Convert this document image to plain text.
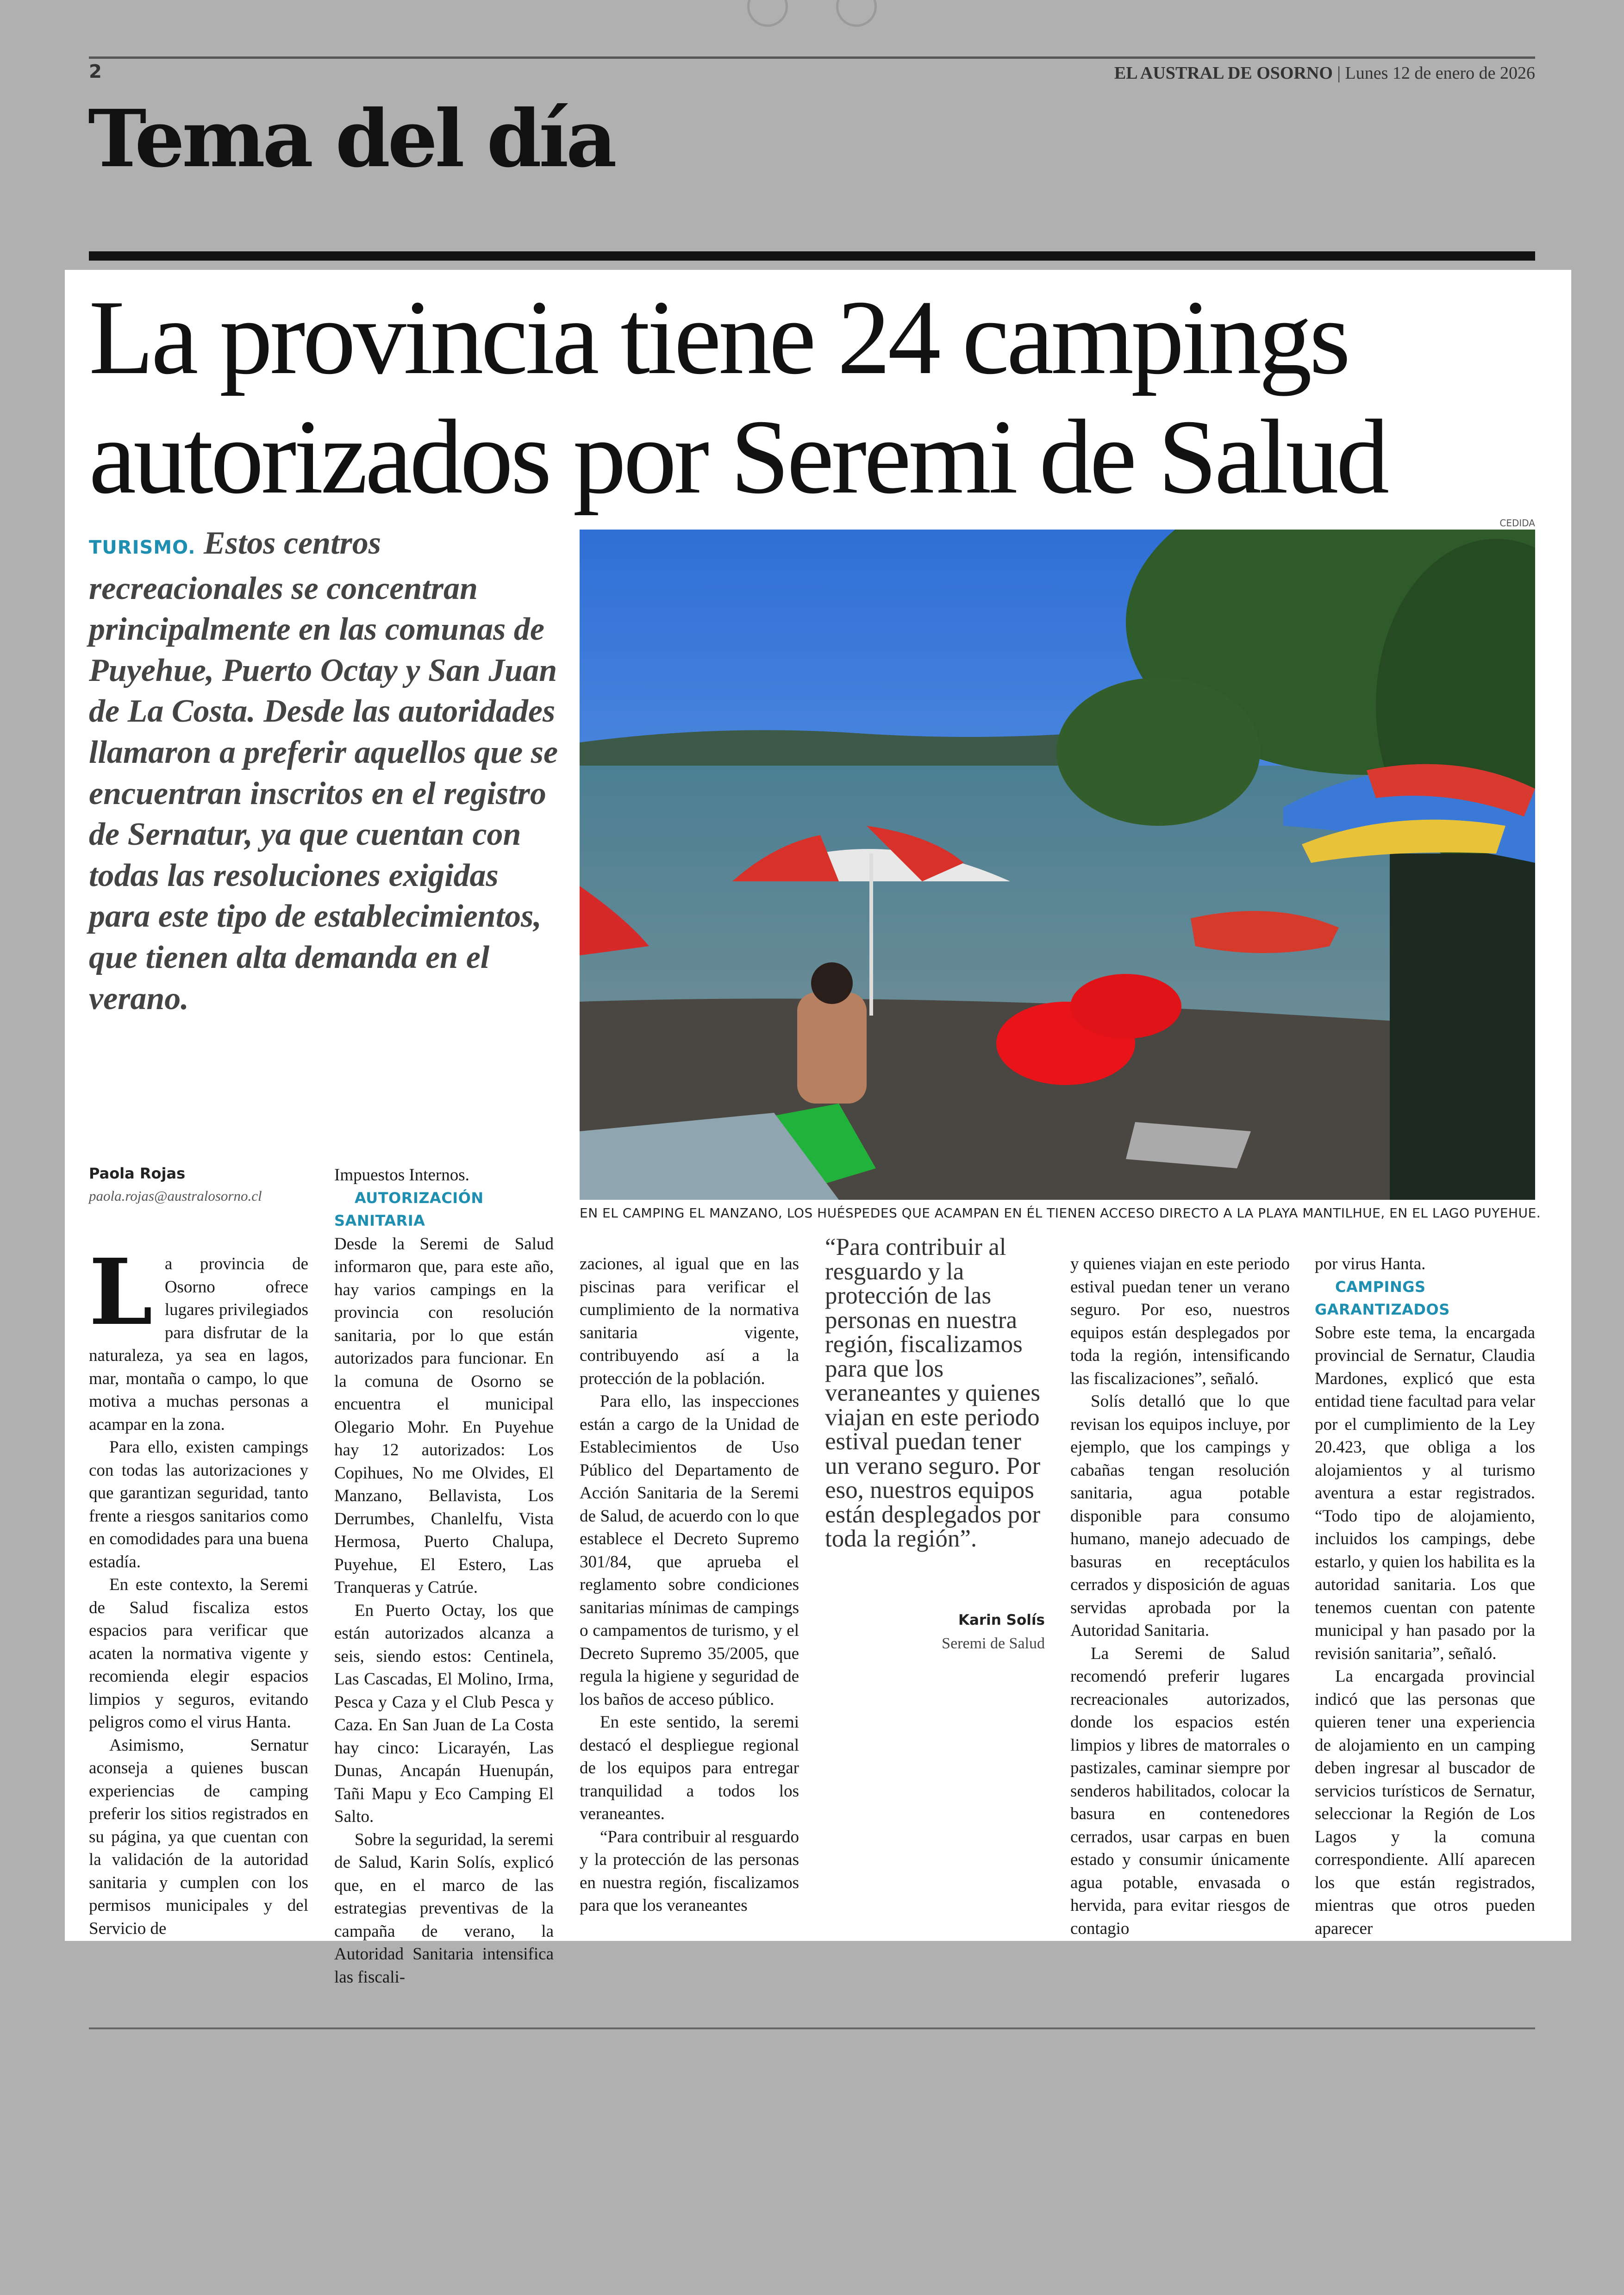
2	EL AUSTRAL DE OSORNO | Lunes 12 de enero de 2026
Tema del día
La provincia tiene 24 campings
autorizados por Seremi de Salud
TURISMO. Estos centros recreacionales se concentran principalmente en las comunas de Puyehue, Puerto Octay y San Juan de La Costa. Desde las autoridades llamaron a preferir aquellos que se encuentran inscritos en el registro de Sernatur, ya que cuentan con todas las resoluciones exigidas para este tipo de establecimientos, que tienen alta demanda en el verano.
CEDIDA
EN EL CAMPING EL MANZANO, LOS HUÉSPEDES QUE ACAMPAN EN ÉL TIENEN ACCESO DIRECTO A LA PLAYA MANTILHUE, EN EL LAGO PUYEHUE.
Paola Rojas
paola.rojas@australosorno.cl
L a provincia de Osorno ofrece lugares privilegiados para disfrutar de la naturaleza, ya sea en lagos, mar, montaña o campo, lo que motiva a muchas personas a acampar en la zona.

Para ello, existen campings con todas las autorizaciones y que garantizan seguridad, tanto frente a riesgos sanitarios como en comodidades para una buena estadía.

En este contexto, la Seremi de Salud fiscaliza estos espacios para verificar que acaten la normativa vigente y recomienda elegir espacios limpios y seguros, evitando peligros como el virus Hanta.

Asimismo, Sernatur aconseja a quienes buscan experiencias de camping preferir los sitios registrados en su página, ya que cuentan con la validación de la autoridad sanitaria y cumplen con los permisos municipales y del Servicio de

Impuestos Internos.

AUTORIZACIÓN SANITARIA

Desde la Seremi de Salud informaron que, para este año, hay varios campings en la provincia con resolución sanitaria, por lo que están autorizados para funcionar. En la comuna de Osorno se encuentra el municipal Olegario Mohr. En Puyehue hay 12 autorizados: Los Copihues, No me Olvides, El Manzano, Bellavista, Los Derrumbes, Chanlelfu, Vista Hermosa, Puerto Chalupa, Puyehue, El Estero, Las Tranqueras y Catrúe.

En Puerto Octay, los que están autorizados alcanza a seis, siendo estos: Centinela, Las Cascadas, El Molino, Irma, Pesca y Caza y el Club Pesca y Caza. En San Juan de La Costa hay cinco: Licarayén, Las Dunas, Ancapán Huenupán, Tañi Mapu y Eco Camping El Salto.

Sobre la seguridad, la seremi de Salud, Karin Solís, explicó que, en el marco de las estrategias preventivas de la campaña de verano, la Autoridad Sanitaria intensifica las fiscali-

zaciones, al igual que en las piscinas para verificar el cumplimiento de la normativa sanitaria vigente, contribuyendo así a la protección de la población.

Para ello, las inspecciones están a cargo de la Unidad de Establecimientos de Uso Público del Departamento de Acción Sanitaria de la Seremi de Salud, de acuerdo con lo que establece el Decreto Supremo 301/84, que aprueba el reglamento sobre condiciones sanitarias mínimas de campings o campamentos de turismo, y el Decreto Supremo 35/2005, que regula la higiene y seguridad de los baños de acceso público.

En este sentido, la seremi destacó el despliegue regional de los equipos para entregar tranquilidad a todos los veraneantes.

“Para contribuir al resguardo y la protección de las personas en nuestra región, fiscalizamos para que los veraneantes

“Para contribuir al resguardo y la protección de las personas en nuestra región, fiscalizamos para que los veraneantes y quienes viajan en este periodo estival puedan tener un verano seguro. Por eso, nuestros equipos están desplegados por toda la región”.
Karin Solís
Seremi de Salud

y quienes viajan en este periodo estival puedan tener un verano seguro. Por eso, nuestros equipos están desplegados por toda la región, intensificando las fiscalizaciones”, señaló.

Solís detalló que lo que revisan los equipos incluye, por ejemplo, que los campings y cabañas tengan resolución sanitaria, agua potable disponible para consumo humano, manejo adecuado de basuras en receptáculos cerrados y disposición de aguas servidas aprobada por la Autoridad Sanitaria.

La Seremi de Salud recomendó preferir lugares recreacionales autorizados, donde los espacios estén limpios y libres de matorrales o pastizales, caminar siempre por senderos habilitados, colocar la basura en contenedores cerrados, usar carpas en buen estado y consumir únicamente agua potable, envasada o hervida, para evitar riesgos de contagio

por virus Hanta.

CAMPINGS GARANTIZADOS

Sobre este tema, la encargada provincial de Sernatur, Claudia Mardones, explicó que esta entidad tiene facultad para velar por el cumplimiento de la Ley 20.423, que obliga a los alojamientos y al turismo aventura a estar registrados. “Todo tipo de alojamiento, incluidos los campings, debe estarlo, y quien los habilita es la autoridad sanitaria. Los que tenemos cuentan con patente municipal y han pasado por la revisión sanitaria”, señaló.

La encargada provincial indicó que las personas que quieren tener una experiencia de alojamiento en un camping deben ingresar al buscador de servicios turísticos de Sernatur, seleccionar la Región de Los Lagos y la comuna correspondiente. Allí aparecen los que están registrados, mientras que otros pueden aparecer
